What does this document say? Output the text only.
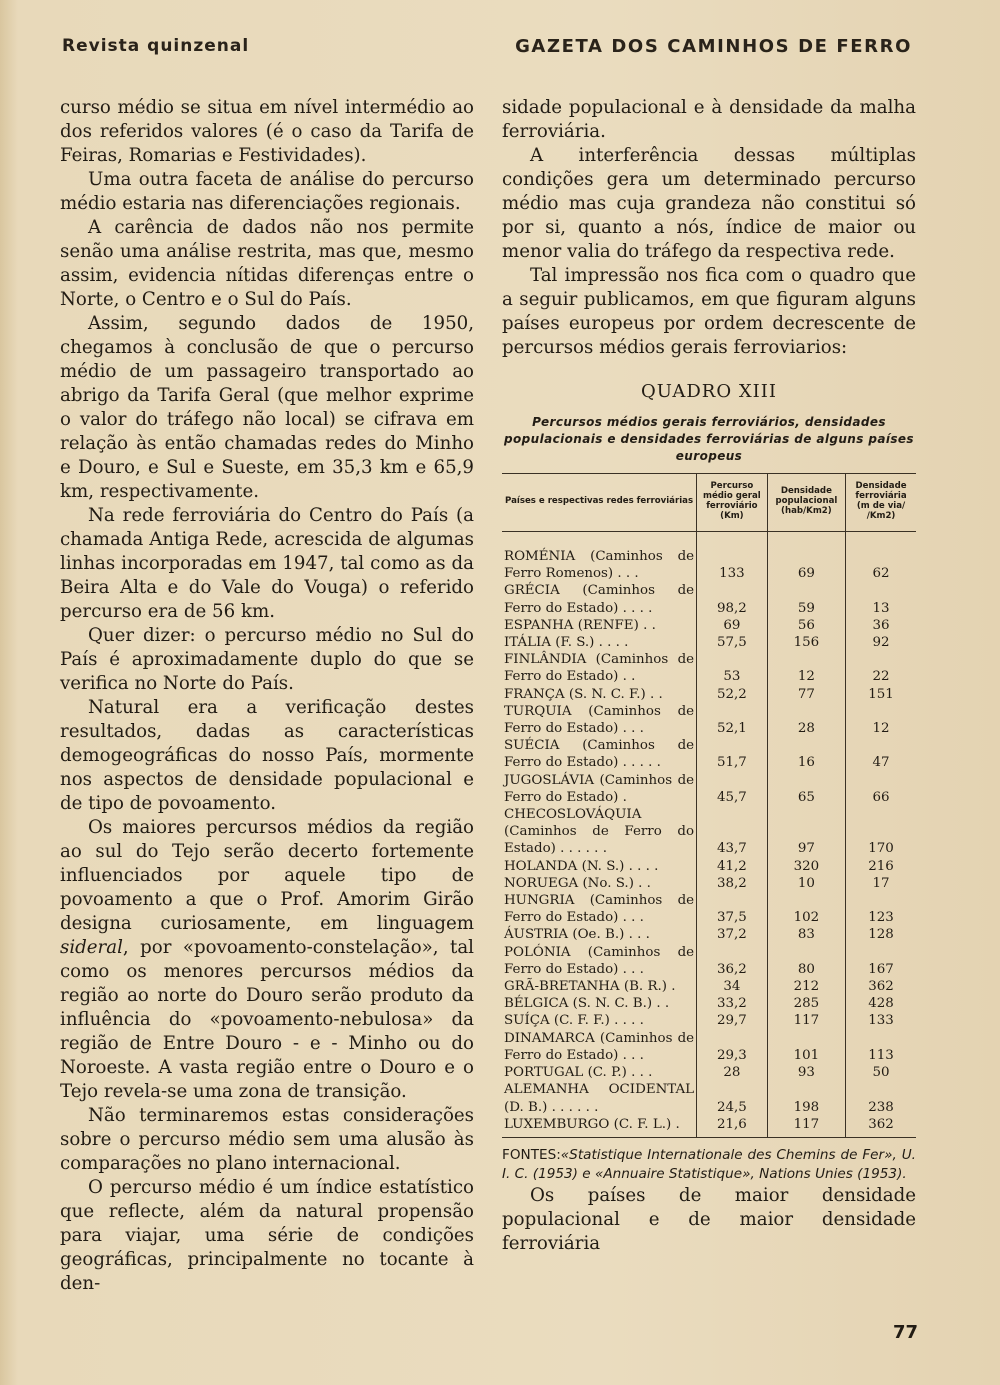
Revista quinzenal	GAZETA DOS CAMINHOS DE FERRO

curso médio se situa em nível intermédio ao dos referidos valores (é o caso da Tarifa de Feiras, Romarias e Festividades).

Uma outra faceta de análise do percurso médio estaria nas diferenciações regionais.

A carência de dados não nos permite senão uma análise restrita, mas que, mesmo assim, evidencia nítidas diferenças entre o Norte, o Centro e o Sul do País.

Assim, segundo dados de 1950, chegamos à conclusão de que o percurso médio de um passageiro transportado ao abrigo da Tarifa Geral (que melhor exprime o valor do tráfego não local) se cifrava em relação às então chamadas redes do Minho e Douro, e Sul e Sueste, em 35,3 km e 65,9 km, respectivamente.

Na rede ferroviária do Centro do País (a chamada Antiga Rede, acrescida de algumas linhas incorporadas em 1947, tal como as da Beira Alta e do Vale do Vouga) o referido percurso era de 56 km.

Quer dizer: o percurso médio no Sul do País é aproximadamente duplo do que se verifica no Norte do País.

Natural era a verificação destes resultados, dadas as características demogeográficas do nosso País, mormente nos aspectos de densidade populacional e de tipo de povoamento.

Os maiores percursos médios da região ao sul do Tejo serão decerto fortemente influenciados por aquele tipo de povoamento a que o Prof. Amorim Girão designa curiosamente, em linguagem sideral, por «povoamento-constelação», tal como os menores percursos médios da região ao norte do Douro serão produto da influência do «povoamento-nebulosa» da região de Entre Douro - e - Minho ou do Noroeste. A vasta região entre o Douro e o Tejo revela-se uma zona de transição.

Não terminaremos estas considerações sobre o percurso médio sem uma alusão às comparações no plano internacional.

O percurso médio é um índice estatístico que reflecte, além da natural propensão para viajar, uma série de condições geográficas, principalmente no tocante à den-

sidade populacional e à densidade da malha ferroviária.

A interferência dessas múltiplas condições gera um determinado percurso médio mas cuja grandeza não constitui só por si, quanto a nós, índice de maior ou menor valia do tráfego da respectiva rede.

Tal impressão nos fica com o quadro que a seguir publicamos, em que figuram alguns países europeus por ordem decrescente de percursos médios gerais ferroviarios:

QUADRO XIII
Percursos médios gerais ferroviários, densidades populacionais e densidades ferroviárias de alguns países europeus
Países e respectivas redes ferroviárias	Percurso médio geral ferroviário (Km)	Densidade populacional (hab/Km2)	Densidade ferroviária (m de via/ /Km2)
ROMÉNIA (Caminhos de Ferro Romenos) . . .	133	69	62
GRÉCIA (Caminhos de Ferro do Estado) . . . .	98,2	59	13
ESPANHA (RENFE) . .	69	56	36
ITÁLIA (F. S.) . . . .	57,5	156	92
FINLÂNDIA (Caminhos de Ferro do Estado) . .	53	12	22
FRANÇA (S. N. C. F.) . .	52,2	77	151
TURQUIA (Caminhos de Ferro do Estado) . . .	52,1	28	12
SUÉCIA (Caminhos de Ferro do Estado) . . . . .	51,7	16	47
JUGOSLÁVIA (Caminhos de Ferro do Estado) .	45,7	65	66
CHECOSLOVÁQUIA (Caminhos de Ferro do Estado) . . . . . .	43,7	97	170
HOLANDA (N. S.) . . . .	41,2	320	216
NORUEGA (No. S.) . .	38,2	10	17
HUNGRIA (Caminhos de Ferro do Estado) . . .	37,5	102	123
ÁUSTRIA (Oe. B.) . . .	37,2	83	128
POLÓNIA (Caminhos de Ferro do Estado) . . .	36,2	80	167
GRÃ-BRETANHA (B. R.) .	34	212	362
BÉLGICA (S. N. C. B.) . .	33,2	285	428
SUÍÇA (C. F. F.) . . . .	29,7	117	133
DINAMARCA (Caminhos de Ferro do Estado) . . .	29,3	101	113
PORTUGAL (C. P.) . . .	28	93	50
ALEMANHA OCIDENTAL (D. B.) . . . . . .	24,5	198	238
LUXEMBURGO (C. F. L.) .	21,6	117	362
FONTES:«Statistique Internationale des Chemins de Fer», U. I. C. (1953) e «Annuaire Statistique», Nations Unies (1953).

Os países de maior densidade populacional e de maior densidade ferroviária

77
